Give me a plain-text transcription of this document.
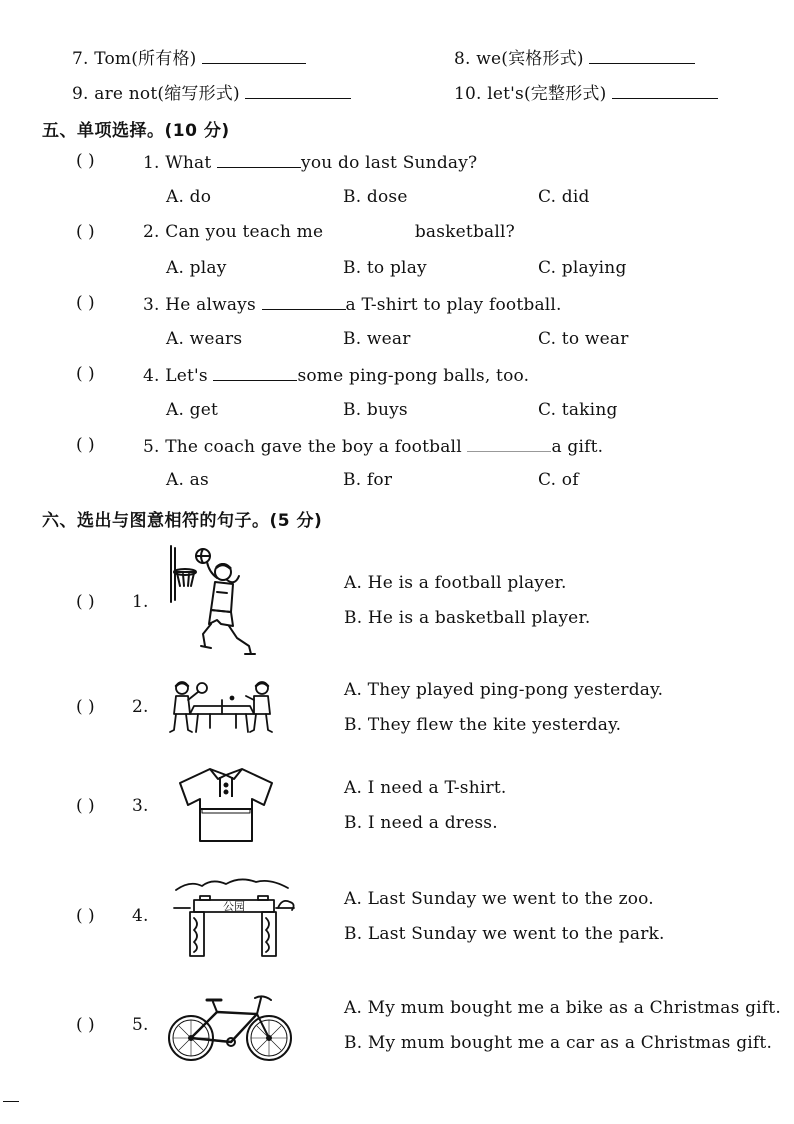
7. Tom(所有格)	8. we(宾格形式)
9. are not(缩写形式)	10. let's(完整形式)
五、单项选择。(10 分)
( )	1. What	you do last Sunday?
A. do	B. dose	C. did
( )	2. Can you teach me	basketball?
A. play	B. to play	C. playing
( )	3. He always	a T-shirt to play football.
A. wears	B. wear	C. to wear
( )	4. Let's	some ping-pong balls, too.
A. get	B. buys	C. taking
( )	5. The coach gave the boy a football	a gift.
A. as	B. for	C. of
六、选出与图意相符的句子。(5 分)
( ) 1.
A. He is a football player.
B. He is a basketball player.
( ) 2.
A. They played ping-pong yesterday.
B. They flew the kite yesterday.
( ) 3.
A. I need a T-shirt.
B. I need a dress.
( ) 4.	公园	A. Last Sunday we went to the zoo.
B. Last Sunday we went to the park.
( ) 5.
A. My mum bought me a bike as a Christmas gift.
B. My mum bought me a car as a Christmas gift.
